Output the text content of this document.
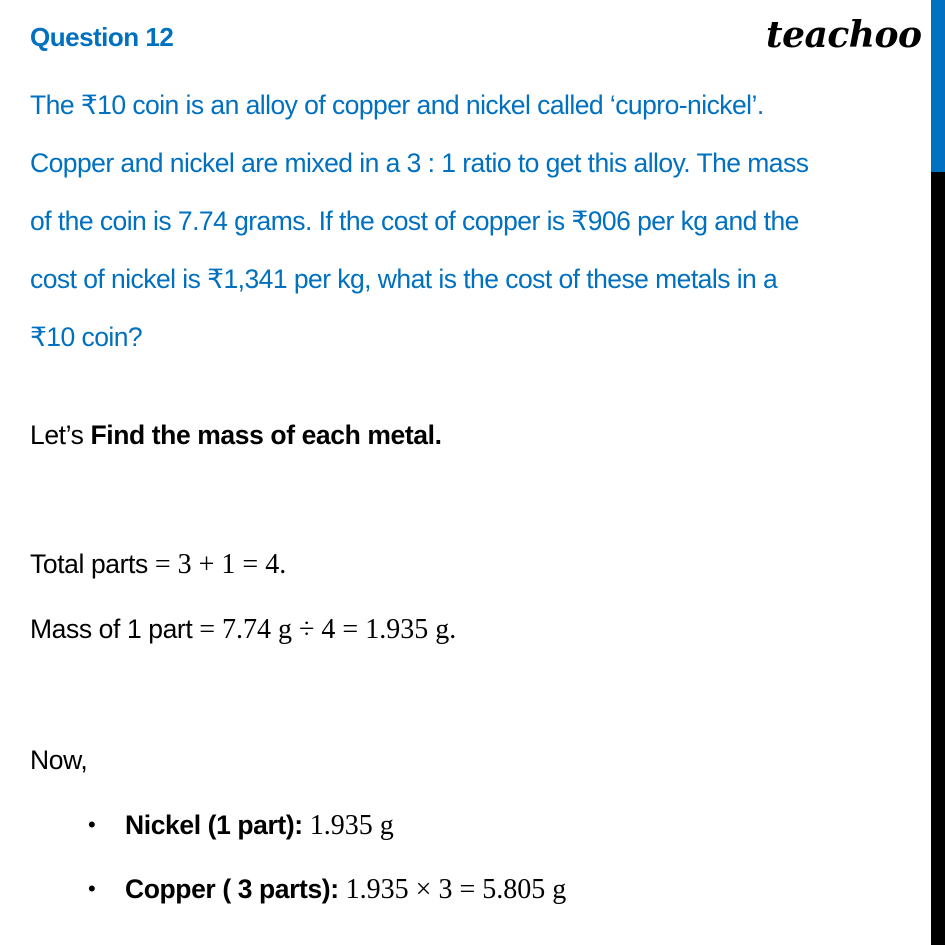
Question 12	teachoo
The ₹10 coin is an alloy of copper and nickel called ‘cupro-nickel’.
Copper and nickel are mixed in a 3 : 1 ratio to get this alloy. The mass
of the coin is 7.74 grams. If the cost of copper is ₹906 per kg and the
cost of nickel is ₹1,341 per kg, what is the cost of these metals in a
₹10 coin?
Let’s Find the mass of each metal.
Total parts = 3 + 1 = 4.
Mass of 1 part = 7.74 g ÷ 4 = 1.935 g.
Now,
• Nickel (1 part): 1.935 g
• Copper ( 3 parts): 1.935 × 3 = 5.805 g
